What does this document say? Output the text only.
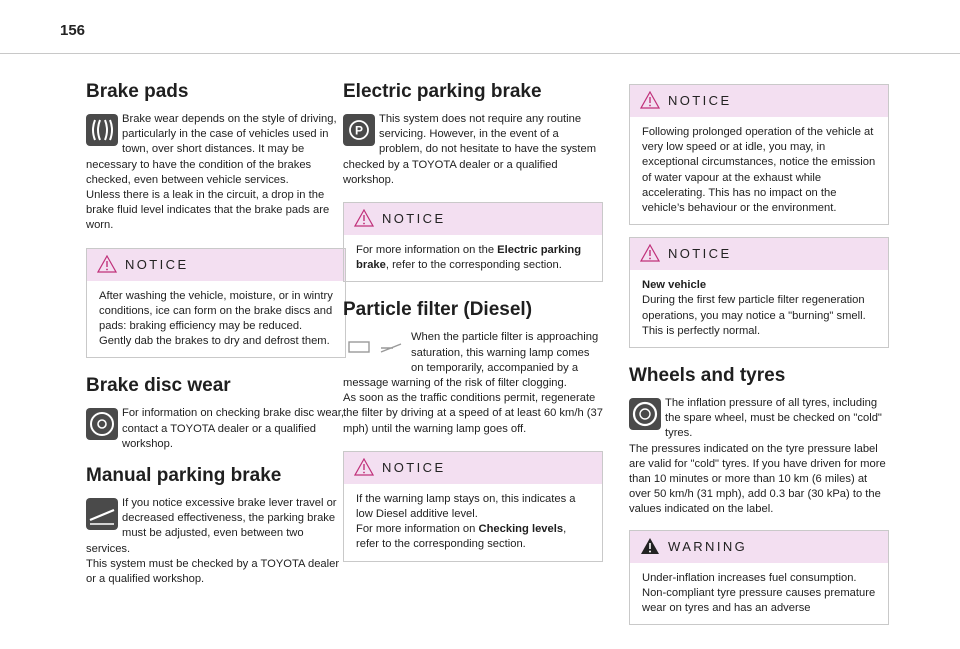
156
Brake pads

Brake wear depends on the style of driving, particularly in the case of vehicles used in town, over short distances. It may be necessary to have the condition of the brakes checked, even between vehicle services.

Unless there is a leak in the circuit, a drop in the brake fluid level indicates that the brake pads are worn.

NOTICE
After washing the vehicle, moisture, or in wintry conditions, ice can form on the brake discs and pads: braking efficiency may be reduced. Gently dab the brakes to dry and defrost them.
Brake disc wear

For information on checking brake disc wear, contact a TOYOTA dealer or a qualified workshop.

Manual parking brake

If you notice excessive brake lever travel or decreased effectiveness, the parking brake must be adjusted, even between two services.

This system must be checked by a TOYOTA dealer or a qualified workshop.

Electric parking brake
P

This system does not require any routine servicing. However, in the event of a problem, do not hesitate to have the system checked by a TOYOTA dealer or a qualified workshop.

NOTICE
For more information on the Electric parking brake, refer to the corresponding section.
Particle filter (Diesel)

When the particle filter is approaching saturation, this warning lamp comes on temporarily, accompanied by a message warning of the risk of filter clogging.

As soon as the traffic conditions permit, regenerate the filter by driving at a speed of at least 60 km/h (37 mph) until the warning lamp goes off.

NOTICE
If the warning lamp stays on, this indicates a low Diesel additive level.
For more information on Checking levels, refer to the corresponding section.
NOTICE
Following prolonged operation of the vehicle at very low speed or at idle, you may, in exceptional circumstances, notice the emission of water vapour at the exhaust while accelerating. This has no impact on the vehicle’s behaviour or the environment.
NOTICE
New vehicle
During the first few particle filter regeneration operations, you may notice a "burning" smell. This is perfectly normal.
Wheels and tyres

The inflation pressure of all tyres, including the spare wheel, must be checked on "cold" tyres.

The pressures indicated on the tyre pressure label are valid for "cold" tyres. If you have driven for more than 10 minutes or more than 10 km (6 miles) at over 50 km/h (31 mph), add 0.3 bar (30 kPa) to the values indicated on the label.

WARNING
Under-inflation increases fuel consumption.
Non-compliant tyre pressure causes premature wear on tyres and has an adverse
